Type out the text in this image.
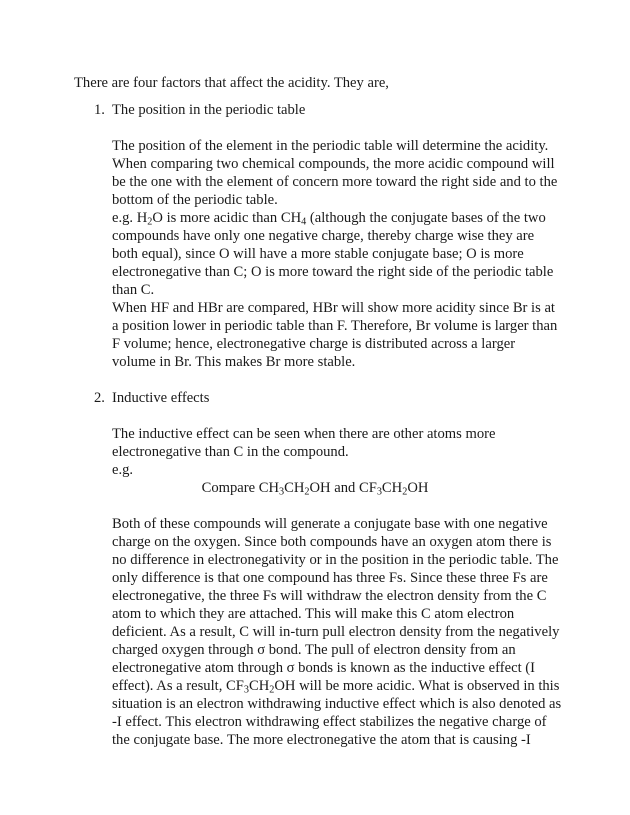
There are four factors that affect the acidity. They are,
1. The position in the periodic table
The position of the element in the periodic table will determine the acidity.
When comparing two chemical compounds, the more acidic compound will
be the one with the element of concern more toward the right side and to the
bottom of the periodic table.
e.g. $H_2O$ is more acidic than $CH_4$ (although the conjugate bases of the two
compounds have only one negative charge, thereby charge wise they are
both equal), since O will have a more stable conjugate base; O is more
electronegative than C; O is more toward the right side of the periodic table
than C.
When HF and HBr are compared, HBr will show more acidity since Br is at
a position lower in periodic table than F. Therefore, Br volume is larger than
F volume; hence, electronegative charge is distributed across a larger
volume in Br. This makes Br more stable.
2. Inductive effects
The inductive effect can be seen when there are other atoms more
electronegative than C in the compound.
e.g.
Compare $CH_3CH_2OH$ and $CF_3CH_2OH$
Both of these compounds will generate a conjugate base with one negative
charge on the oxygen. Since both compounds have an oxygen atom there is
no difference in electronegativity or in the position in the periodic table. The
only difference is that one compound has three Fs. Since these three Fs are
electronegative, the three Fs will withdraw the electron density from the C
atom to which they are attached. This will make this C atom electron
deficient. As a result, C will in-turn pull electron density from the negatively
charged oxygen through σ bond. The pull of electron density from an
electronegative atom through σ bonds is known as the inductive effect (I
effect). As a result, $CF_3CH_2OH$ will be more acidic. What is observed in this
situation is an electron withdrawing inductive effect which is also denoted as
-I effect. This electron withdrawing effect stabilizes the negative charge of
the conjugate base. The more electronegative the atom that is causing -I
